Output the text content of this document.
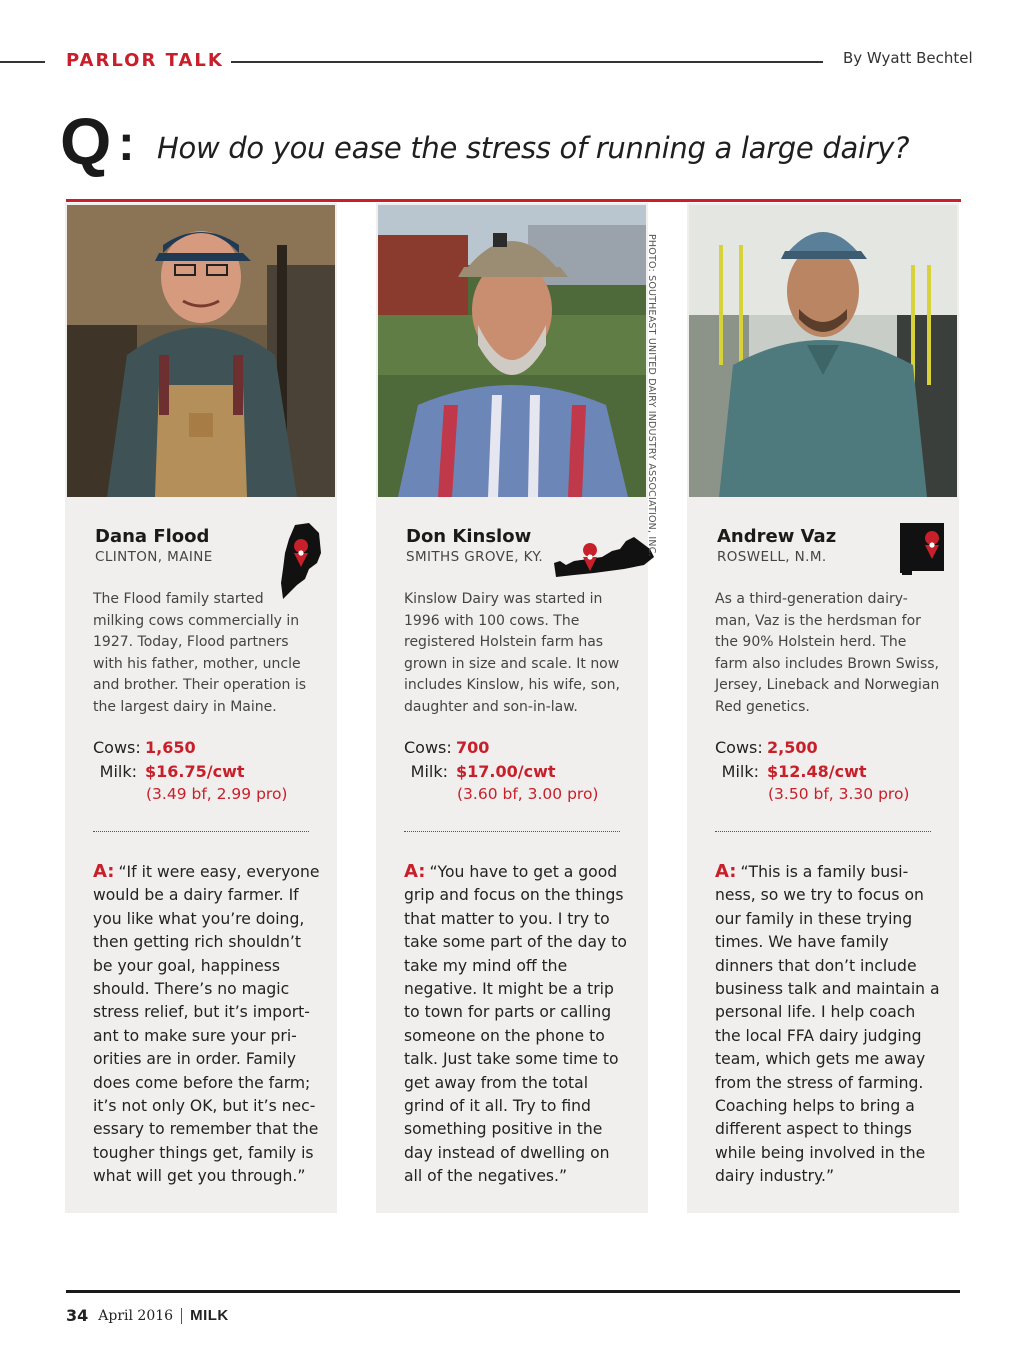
PARLOR TALK	By Wyatt Bechtel
Q : How do you ease the stress of running a large dairy?
Dana Flood
CLINTON, MAINE
The Flood family started milking cows commercially in 1927. Today, Flood partners with his father, mother, uncle and brother. Their operation is the largest dairy in Maine.
Cows: 1,650
Milk: $16.75/cwt
(3.49 bf, 2.99 pro)
A: “If it were easy, everyone would be a dairy farmer. If you like what you’re doing, then getting rich shouldn’t be your goal, happiness should. There’s no magic stress relief, but it’s import-ant to make sure your pri-orities are in order. Family does come before the farm; it’s not only OK, but it’s nec-essary to remember that the tougher things get, family is what will get you through.”
Don Kinslow
SMITHS GROVE, KY.
Kinslow Dairy was started in 1996 with 100 cows. The registered Holstein farm has grown in size and scale. It now includes Kinslow, his wife, son, daughter and son-in-law.
Cows: 700
Milk: $17.00/cwt
(3.60 bf, 3.00 pro)
A: “You have to get a good grip and focus on the things that matter to you. I try to take some part of the day to take my mind off the negative. It might be a trip to town for parts or calling someone on the phone to talk. Just take some time to get away from the total grind of it all. Try to find something positive in the day instead of dwelling on all of the negatives.”
PHOTO: SOUTHEAST UNITED DAIRY INDUSTRY ASSOCIATION, INC.	Andrew Vaz
ROSWELL, N.M.
As a third-generation dairy-man, Vaz is the herdsman for the 90% Holstein herd. The farm also includes Brown Swiss, Jersey, Lineback and Norwegian Red genetics.
Cows: 2,500
Milk: $12.48/cwt
(3.50 bf, 3.30 pro)
A: “This is a family busi-ness, so we try to focus on our family in these trying times. We have family dinners that don’t include business talk and maintain a personal life. I help coach the local FFA dairy judging team, which gets me away from the stress of farming. Coaching helps to bring a different aspect to things while being involved in the dairy industry.”
34 April 2016 MILK
